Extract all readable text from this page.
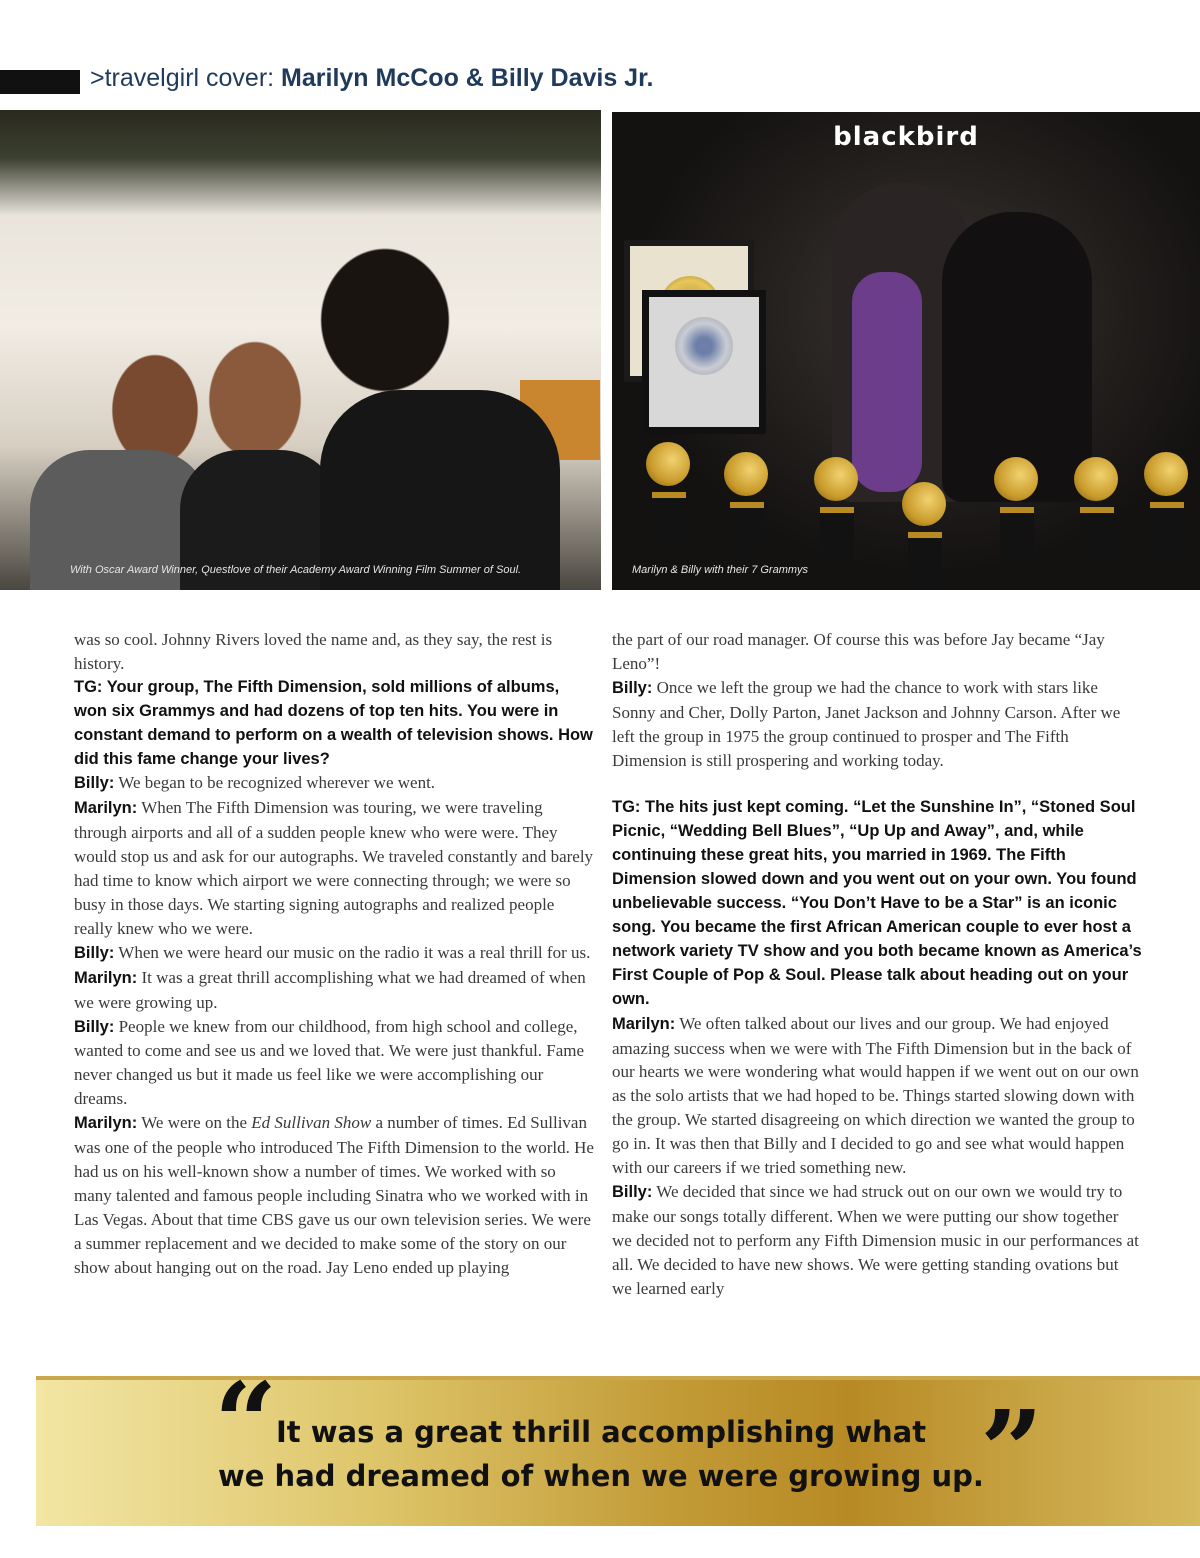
>travelgirl cover: Marilyn McCoo & Billy Davis Jr.
With Oscar Award Winner, Questlove of their Academy Award Winning Film Summer of Soul.
blackbird
Marilyn & Billy with their 7 Grammys

was so cool. Johnny Rivers loved the name and, as they say, the rest is history.

TG: Your group, The Fifth Dimension, sold millions of albums, won six Grammys and had dozens of top ten hits. You were in constant demand to perform on a wealth of television shows. How did this fame change your lives?

Billy: We began to be recognized wherever we went.

Marilyn: When The Fifth Dimension was touring, we were traveling through airports and all of a sudden people knew who were were. They would stop us and ask for our autographs. We traveled constantly and barely had time to know which airport we were connecting through; we were so busy in those days. We starting signing autographs and realized people really knew who we were.

Billy: When we were heard our music on the radio it was a real thrill for us.

Marilyn: It was a great thrill accomplishing what we had dreamed of when we were growing up.

Billy: People we knew from our childhood, from high school and college, wanted to come and see us and we loved that. We were just thankful. Fame never changed us but it made us feel like we were accomplishing our dreams.

Marilyn: We were on the Ed Sullivan Show a number of times. Ed Sullivan was one of the people who introduced The Fifth Dimension to the world. He had us on his well-known show a number of times. We worked with so many talented and famous people including Sinatra who we worked with in Las Vegas. About that time CBS gave us our own television series. We were a summer replacement and we decided to make some of the story on our show about hanging out on the road. Jay Leno ended up playing

the part of our road manager. Of course this was before Jay became “Jay Leno”!

Billy: Once we left the group we had the chance to work with stars like Sonny and Cher, Dolly Parton, Janet Jackson and Johnny Carson. After we left the group in 1975 the group continued to prosper and The Fifth Dimension is still prospering and working today.

TG: The hits just kept coming. “Let the Sunshine In”, “Stoned Soul Picnic, “Wedding Bell Blues”, “Up Up and Away”, and, while continuing these great hits, you married in 1969. The Fifth Dimension slowed down and you went out on your own. You found unbelievable success. “You Don’t Have to be a Star” is an iconic song. You became the first African American couple to ever host a network variety TV show and you both became known as America’s First Couple of Pop & Soul. Please talk about heading out on your own.

Marilyn: We often talked about our lives and our group. We had enjoyed amazing success when we were with The Fifth Dimension but in the back of our hearts we were wondering what would happen if we went out on our own as the solo artists that we had hoped to be. Things started slowing down with the group. We started disagreeing on which direction we wanted the group to go in. It was then that Billy and I decided to go and see what would happen with our careers if we tried something new.

Billy: We decided that since we had struck out on our own we would try to make our songs totally different. When we were putting our show together we decided not to perform any Fifth Dimension music in our performances at all. We decided to have new shows. We were getting standing ovations but we learned early

“
It was a great thrill accomplishing what
we had dreamed of when we were growing up.
”
